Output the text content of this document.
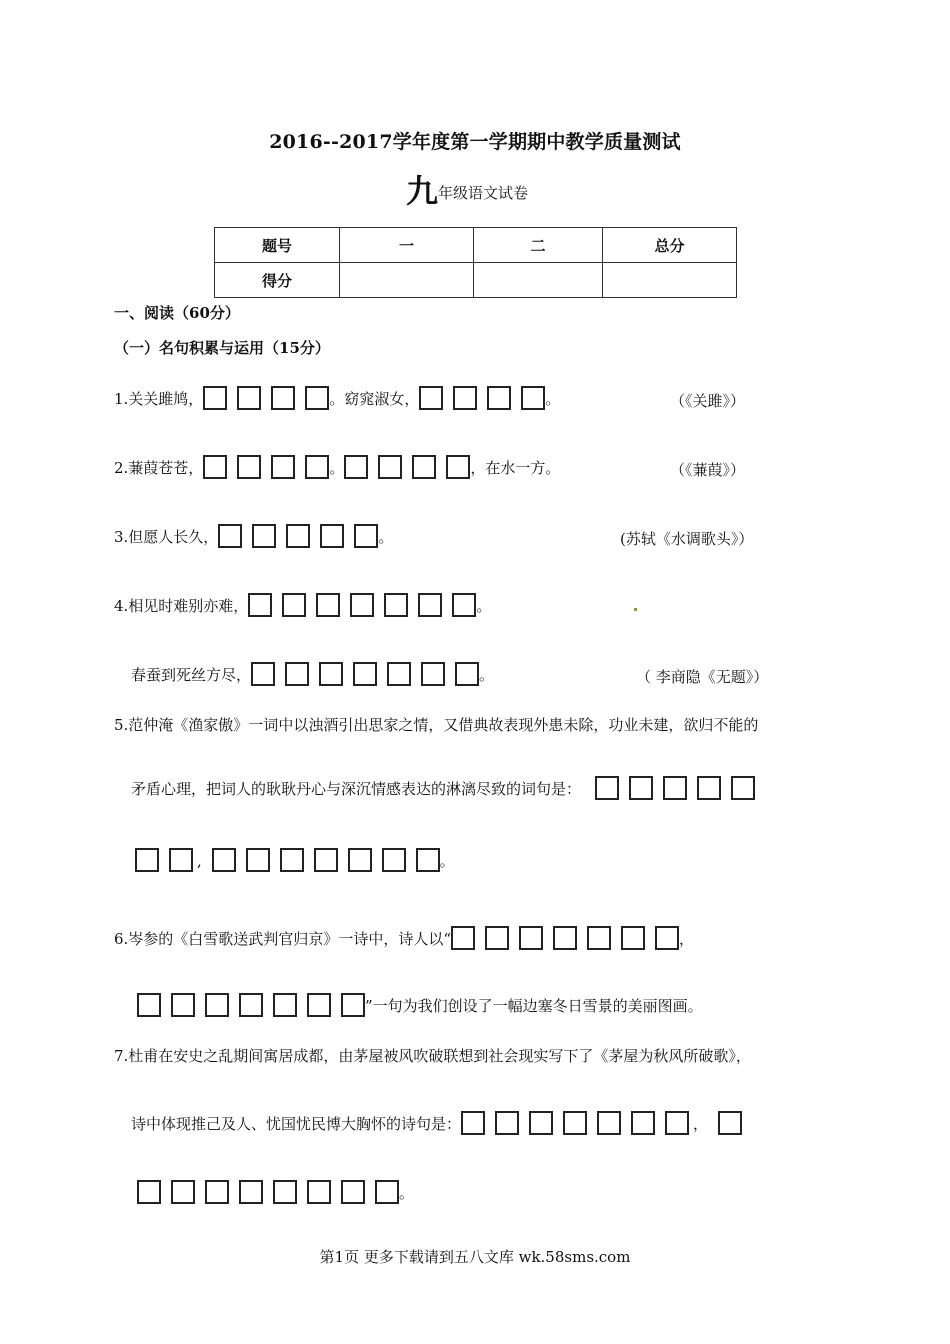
2016--2017学年度第一学期期中教学质量测试
九年级语文试卷
题号	一	二	总分
得分			
一、阅读（60分）
（一）名句积累与运用（15分）
1.关关雎鸠，	。窈窕淑女，	。	（《关雎》）
2.蒹葭苍苍，	。	，在水一方。	（《蒹葭》）
3.但愿人长久，	。	(苏轼《水调歌头》）
4.相见时难别亦难，	。
春蚕到死丝方尽，	。	（ 李商隐《无题》）
5.范仲淹《渔家傲》一词中以浊酒引出思家之情，又借典故表现外患未除，功业未建，欲归不能的
矛盾心理，把词人的耿耿丹心与深沉情感表达的淋漓尽致的词句是：
,	。
6.岑参的《白雪歌送武判官归京》一诗中，诗人以“	，
”一句为我们创设了一幅边塞冬日雪景的美丽图画。
7.杜甫在安史之乱期间寓居成都，由茅屋被风吹破联想到社会现实写下了《茅屋为秋风所破歌》，
诗中体现推己及人、忧国忧民博大胸怀的诗句是：	，
。
第1页 更多下载请到五八文库 wk.58sms.com
